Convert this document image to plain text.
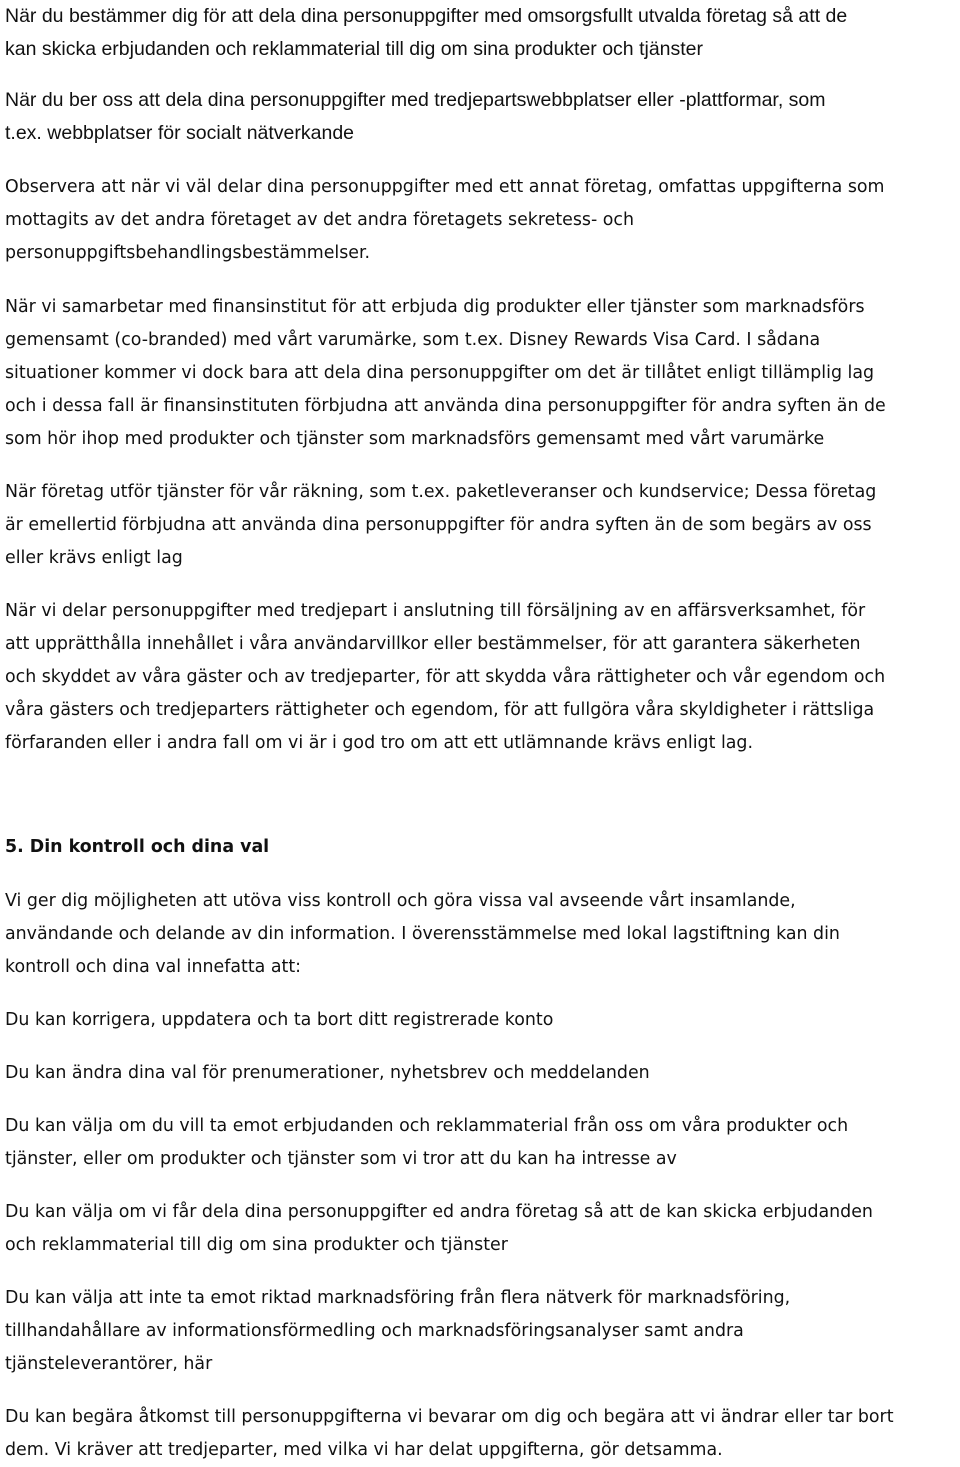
När du bestämmer dig för att dela dina personuppgifter med omsorgsfullt utvalda företag så att de
kan skicka erbjudanden och reklammaterial till dig om sina produkter och tjänster

När du ber oss att dela dina personuppgifter med tredjepartswebbplatser eller -plattformar, som
t.ex. webbplatser för socialt nätverkande

Observera att när vi väl delar dina personuppgifter med ett annat företag, omfattas uppgifterna som
mottagits av det andra företaget av det andra företagets sekretess- och
personuppgiftsbehandlingsbestämmelser.

När vi samarbetar med finansinstitut för att erbjuda dig produkter eller tjänster som marknadsförs
gemensamt (co-branded) med vårt varumärke, som t.ex. Disney Rewards Visa Card. I sådana
situationer kommer vi dock bara att dela dina personuppgifter om det är tillåtet enligt tillämplig lag
och i dessa fall är finansinstituten förbjudna att använda dina personuppgifter för andra syften än de
som hör ihop med produkter och tjänster som marknadsförs gemensamt med vårt varumärke

När företag utför tjänster för vår räkning, som t.ex. paketleveranser och kundservice; Dessa företag
är emellertid förbjudna att använda dina personuppgifter för andra syften än de som begärs av oss
eller krävs enligt lag

När vi delar personuppgifter med tredjepart i anslutning till försäljning av en affärsverksamhet, för
att upprätthålla innehållet i våra användarvillkor eller bestämmelser, för att garantera säkerheten
och skyddet av våra gäster och av tredjeparter, för att skydda våra rättigheter och vår egendom och
våra gästers och tredjeparters rättigheter och egendom, för att fullgöra våra skyldigheter i rättsliga
förfaranden eller i andra fall om vi är i god tro om att ett utlämnande krävs enligt lag.

5. Din kontroll och dina val

Vi ger dig möjligheten att utöva viss kontroll och göra vissa val avseende vårt insamlande,
användande och delande av din information. I överensstämmelse med lokal lagstiftning kan din
kontroll och dina val innefatta att:

Du kan korrigera, uppdatera och ta bort ditt registrerade konto

Du kan ändra dina val för prenumerationer, nyhetsbrev och meddelanden

Du kan välja om du vill ta emot erbjudanden och reklammaterial från oss om våra produkter och
tjänster, eller om produkter och tjänster som vi tror att du kan ha intresse av

Du kan välja om vi får dela dina personuppgifter ed andra företag så att de kan skicka erbjudanden
och reklammaterial till dig om sina produkter och tjänster

Du kan välja att inte ta emot riktad marknadsföring från flera nätverk för marknadsföring,
tillhandahållare av informationsförmedling och marknadsföringsanalyser samt andra
tjänsteleverantörer, här

Du kan begära åtkomst till personuppgifterna vi bevarar om dig och begära att vi ändrar eller tar bort
dem. Vi kräver att tredjeparter, med vilka vi har delat uppgifterna, gör detsamma.
